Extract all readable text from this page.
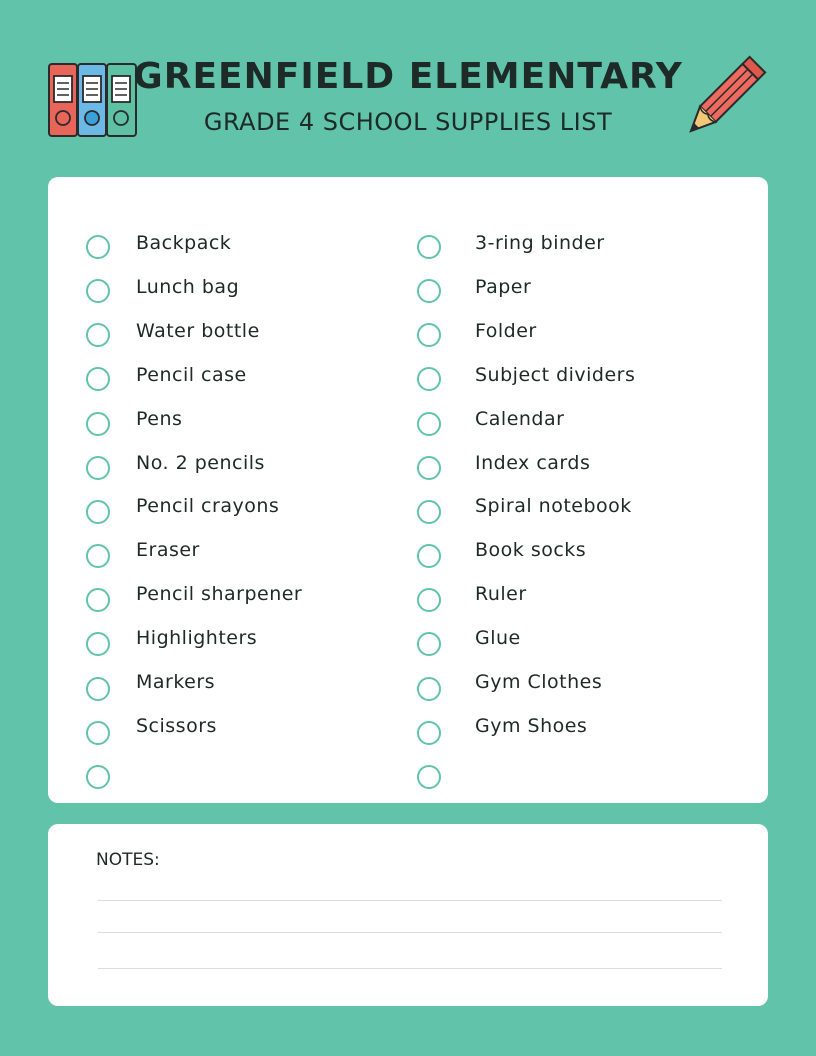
GREENFIELD ELEMENTARY
GRADE 4 SCHOOL SUPPLIES LIST
Backpack
Lunch bag
Water bottle
Pencil case
Pens
No. 2 pencils
Pencil crayons
Eraser
Pencil sharpener
Highlighters
Markers
Scissors
3-ring binder
Paper
Folder
Subject dividers
Calendar
Index cards
Spiral notebook
Book socks
Ruler
Glue
Gym Clothes
Gym Shoes
NOTES:
